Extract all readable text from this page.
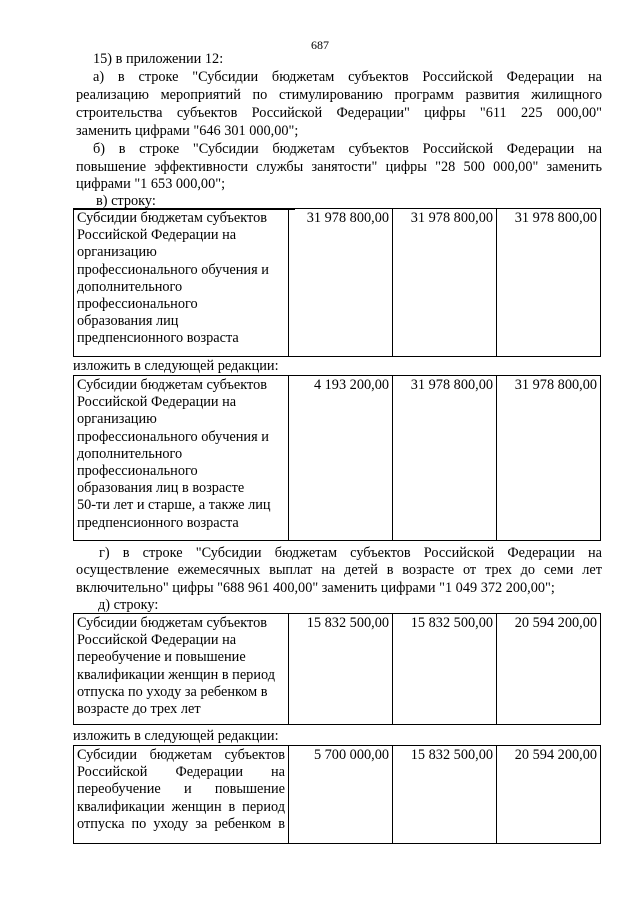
687
15) в приложении 12:
а) в строке "Субсидии бюджетам субъектов Российской Федерации на
реализацию мероприятий по стимулированию программ развития жилищного
строительства субъектов Российской Федерации" цифры "611 225 000,00"
заменить цифрами "646 301 000,00";
б) в строке "Субсидии бюджетам субъектов Российской Федерации на
повышение эффективности службы занятости" цифры "28 500 000,00" заменить
цифрами "1 653 000,00";
в) строку:
Субсидии бюджетам субъектов
Российской Федерации на
организацию
профессионального обучения и
дополнительного
профессионального
образования лиц
предпенсионного возраста
	31 978 800,00	31 978 800,00	31 978 800,00
изложить в следующей редакции:
Субсидии бюджетам субъектов
Российской Федерации на
организацию
профессионального обучения и
дополнительного
профессионального
образования лиц в возрасте
50-ти лет и старше, а также лиц
предпенсионного возраста
	4 193 200,00	31 978 800,00	31 978 800,00
г) в строке "Субсидии бюджетам субъектов Российской Федерации на
осуществление ежемесячных выплат на детей в возрасте от трех до семи лет
включительно" цифры "688 961 400,00" заменить цифрами "1 049 372 200,00";
д) строку:
Субсидии бюджетам субъектов
Российской Федерации на
переобучение и повышение
квалификации женщин в период
отпуска по уходу за ребенком в
возрасте до трех лет
	15 832 500,00	15 832 500,00	20 594 200,00
изложить в следующей редакции:
Субсидии бюджетам субъектов
Российской Федерации на
переобучение и повышение
квалификации женщин в период
отпуска по уходу за ребенком в
	5 700 000,00	15 832 500,00	20 594 200,00
